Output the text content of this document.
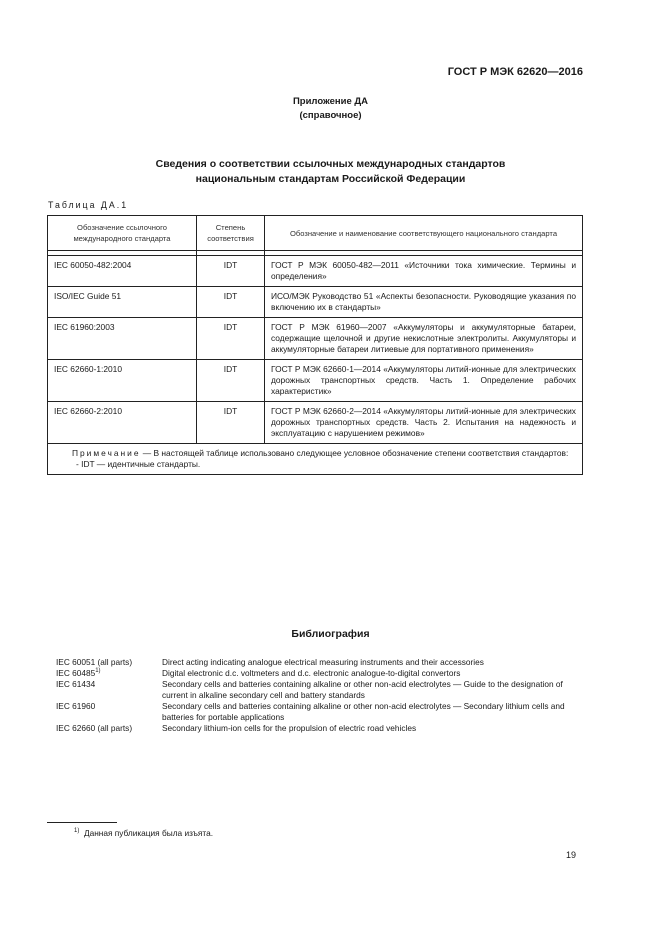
ГОСТ Р МЭК 62620—2016
Приложение ДА
(справочное)
Сведения о соответствии ссылочных международных стандартов
национальным стандартам Российской Федерации
Таблица ДА.1
Обозначение ссылочного международного стандарта	Степень соответствия	Обозначение и наименование соответствующего национального стандарта

IEC 60050-482:2004	IDT	ГОСТ Р МЭК 60050-482—2011 «Источники тока химические. Термины и определения»
ISO/IEC Guide 51	IDT	ИСО/МЭК Руководство 51 «Аспекты безопасности. Руководящие указания по включению их в стандарты»
IEC 61960:2003	IDT	ГОСТ Р МЭК 61960—2007 «Аккумуляторы и аккумуляторные батареи, содержащие щелочной и другие некислотные электролиты. Аккумуляторы и аккумуляторные батареи литиевые для портативного применения»
IEC 62660-1:2010	IDT	ГОСТ Р МЭК 62660-1—2014 «Аккумуляторы литий-ионные для электрических дорожных транспортных средств. Часть 1. Определение рабочих характеристик»
IEC 62660-2:2010	IDT	ГОСТ Р МЭК 62660-2—2014 «Аккумуляторы литий-ионные для электрических дорожных транспортных средств. Часть 2. Испытания на надежность и эксплуатацию с нарушением режимов»

Примечание — В настоящей таблице использовано следующее условное обозначение степени соответствия стандартов:
- IDT — идентичные стандарты.		
Библиография
IEC 60051 (all parts)	Direct acting indicating analogue electrical measuring instruments and their accessories
IEC 60485$^{1)}$	Digital electronic d.c. voltmeters and d.c. electronic analogue-to-digital convertors
IEC 61434	Secondary cells and batteries containing alkaline or other non-acid electrolytes — Guide to the designation of current in alkaline secondary cell and battery standards
IEC 61960	Secondary cells and batteries containing alkaline or other non-acid electrolytes — Secondary lithium cells and batteries for portable applications
IEC 62660 (all parts)	Secondary lithium-ion cells for the propulsion of electric road vehicles
$^{1)}$ Данная публикация была изъята.
19
